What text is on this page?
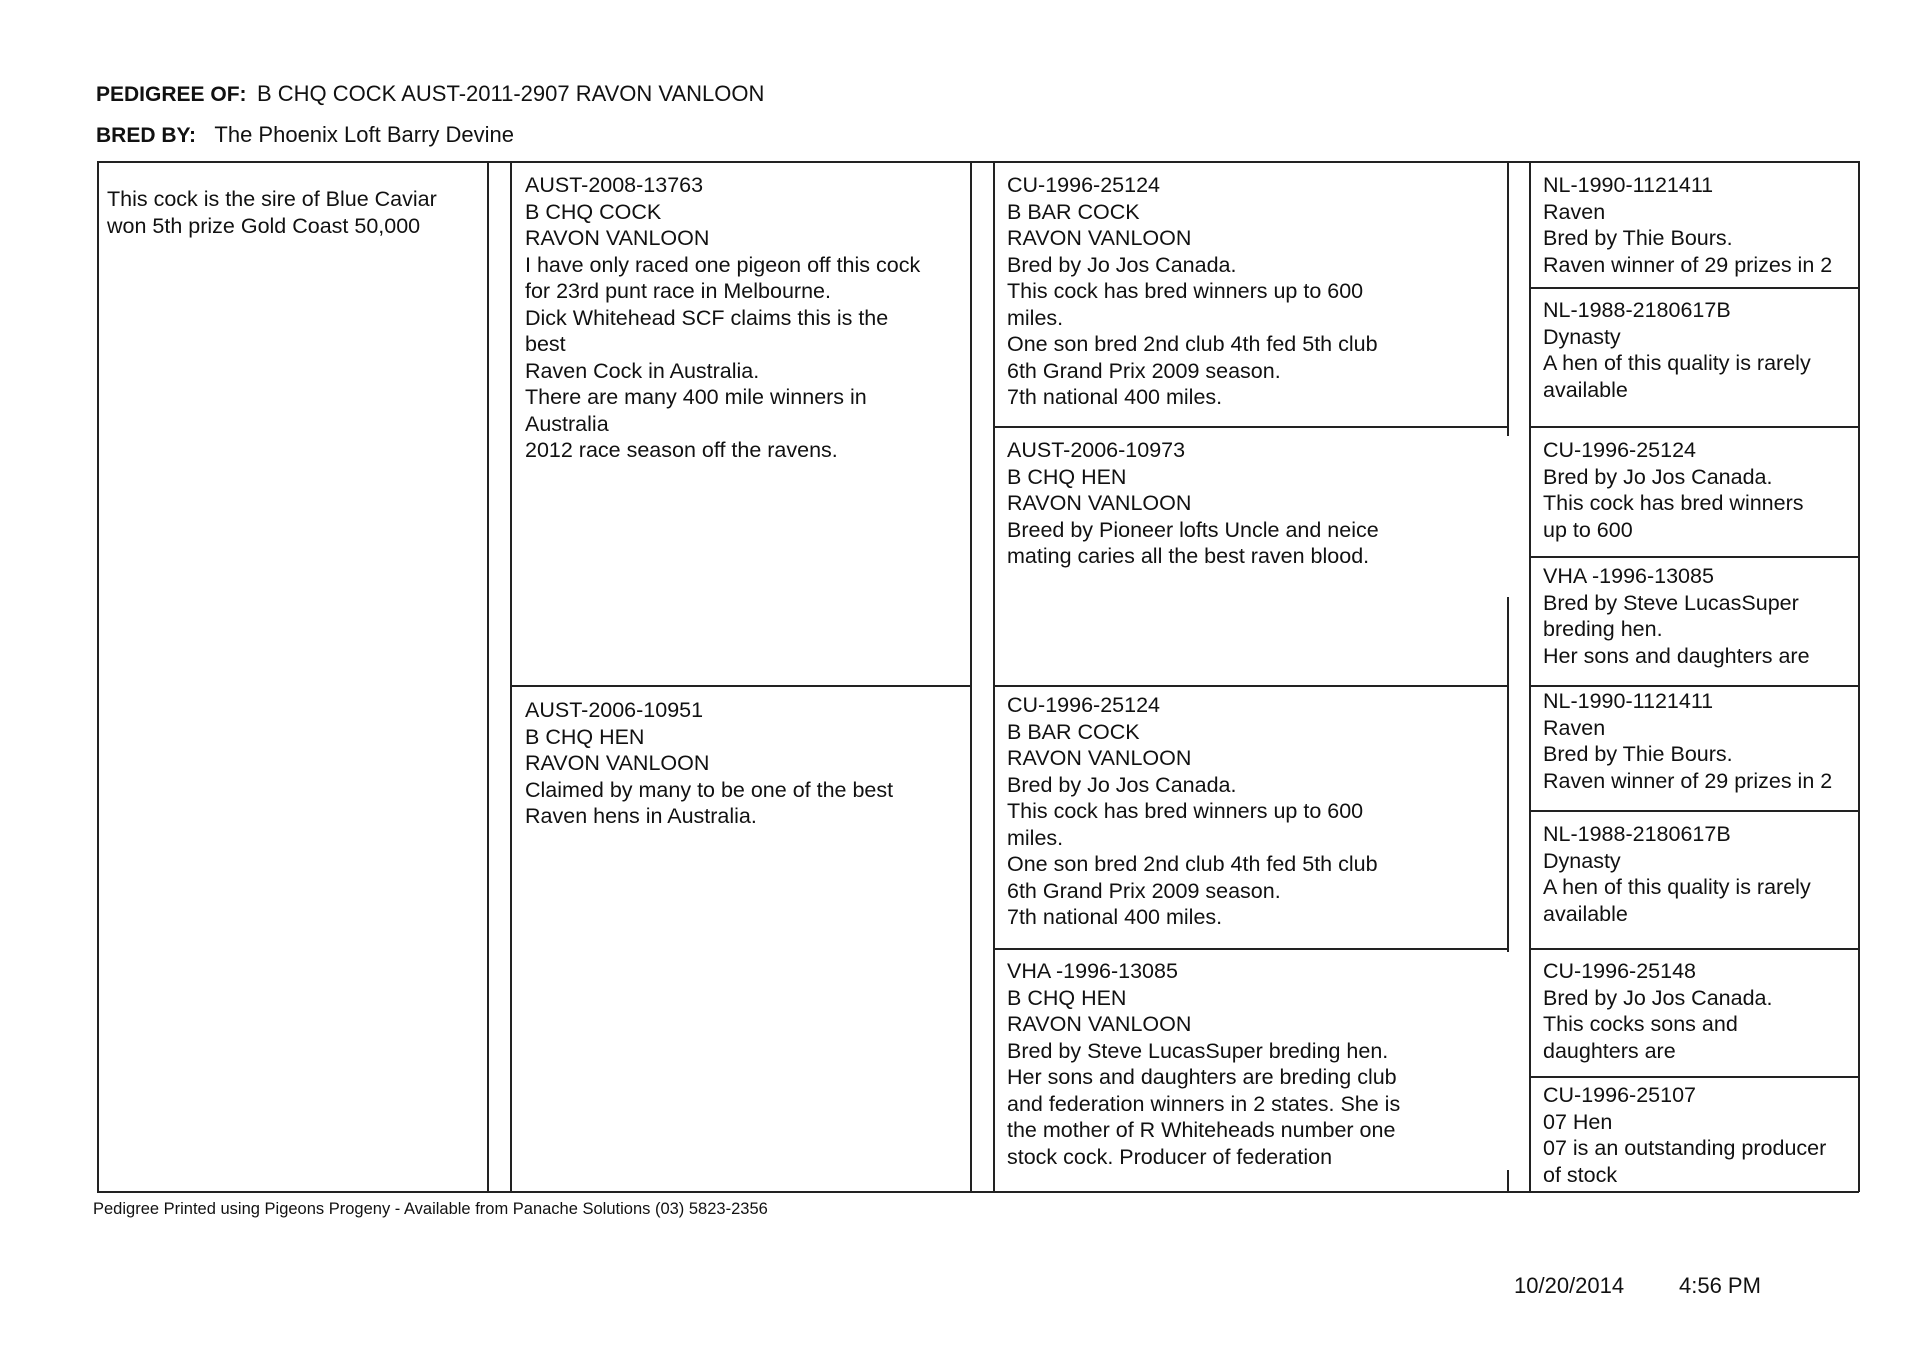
PEDIGREE OF: B CHQ COCK AUST-2011-2907 RAVON VANLOON
BRED BY: The Phoenix Loft Barry Devine
This cock is the sire of Blue Caviar
won 5th prize Gold Coast 50,000
AUST-2008-13763
B CHQ COCK
RAVON VANLOON
I have only raced one pigeon off this cock
for 23rd punt race in Melbourne.
Dick Whitehead SCF claims this is the
best
Raven Cock in Australia.
There are many 400 mile winners in
Australia
2012 race season off the ravens.
AUST-2006-10951
B CHQ HEN
RAVON VANLOON
Claimed by many to be one of the best
Raven hens in Australia.
CU-1996-25124
B BAR COCK
RAVON VANLOON
Bred by Jo Jos Canada.
This cock has bred winners up to 600
miles.
One son bred 2nd club 4th fed 5th club
6th Grand Prix 2009 season.
7th national 400 miles.
AUST-2006-10973
B CHQ HEN
RAVON VANLOON
Breed by Pioneer lofts Uncle and neice
mating caries all the best raven blood.
CU-1996-25124
B BAR COCK
RAVON VANLOON
Bred by Jo Jos Canada.
This cock has bred winners up to 600
miles.
One son bred 2nd club 4th fed 5th club
6th Grand Prix 2009 season.
7th national 400 miles.
VHA -1996-13085
B CHQ HEN
RAVON VANLOON
Bred by Steve LucasSuper breding hen.
Her sons and daughters are breding club
and federation winners in 2 states. She is
the mother of R Whiteheads number one
stock cock. Producer of federation
NL-1990-1121411
Raven
Bred by Thie Bours.
Raven winner of 29 prizes in 2
NL-1988-2180617B
Dynasty
A hen of this quality is rarely
available
CU-1996-25124
Bred by Jo Jos Canada.
This cock has bred winners
up to 600
VHA -1996-13085
Bred by Steve LucasSuper
breding hen.
Her sons and daughters are
NL-1990-1121411
Raven
Bred by Thie Bours.
Raven winner of 29 prizes in 2
NL-1988-2180617B
Dynasty
A hen of this quality is rarely
available
CU-1996-25148
Bred by Jo Jos Canada.
This cocks sons and
daughters are
CU-1996-25107
07 Hen
07 is an outstanding producer
of stock
Pedigree Printed using Pigeons Progeny - Available from Panache Solutions (03) 5823-2356
10/20/2014 4:56 PM
